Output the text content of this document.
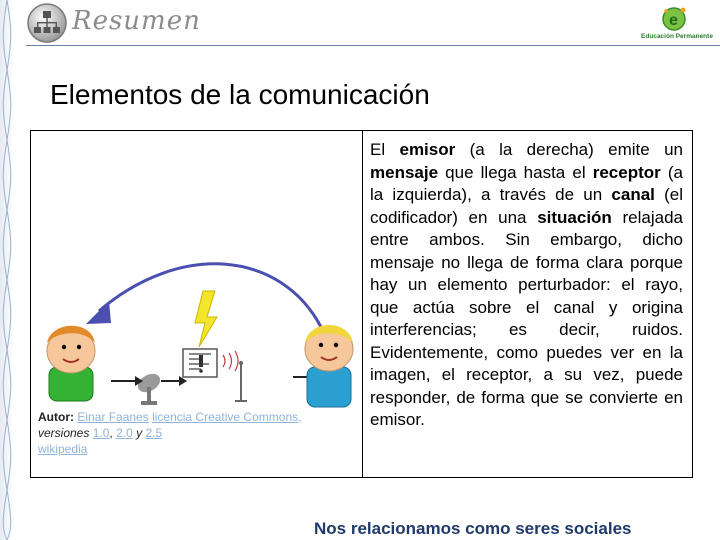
Resumen	e
Educación Permanente
Elementos de la comunicación
Autor: Einar Faanes licencia Creative Commons,
versiones 1.0, 2.0 y 2.5
wikipedia
El emisor (a la derecha) emite un mensaje que llega hasta el receptor (a la izquierda), a través de un canal (el codificador) en una situación relajada entre ambos. Sin embargo, dicho mensaje no llega de forma clara porque hay un elemento perturbador: el rayo, que actúa sobre el canal y origina interferencias; es decir, ruidos. Evidentemente, como puedes ver en la imagen, el receptor, a su vez, puede responder, de forma que se convierte en emisor.
Nos relacionamos como seres sociales
